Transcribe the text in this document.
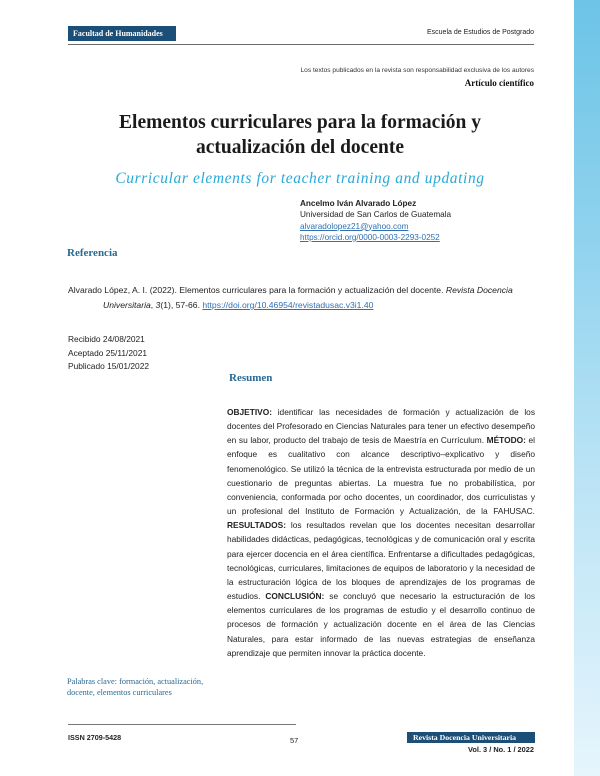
Facultad de Humanidades	Escuela de Estudios de Postgrado
Los textos publicados en la revista son responsabilidad exclusiva de los autores
Artículo científico
Elementos curriculares para la formación y actualización del docente
Curricular elements for teacher training and updating
Ancelmo Iván Alvarado López
Universidad de San Carlos de Guatemala
alvaradolopez21@yahoo.com
https://orcid.org/0000-0003-2293-0252
Referencia
Alvarado López, A. I. (2022). Elementos curriculares para la formación y actualización del docente. Revista Docencia Universitaria, 3(1), 57-66. https://doi.org/10.46954/revistadusac.v3i1.40
Recibido 24/08/2021
Aceptado 25/11/2021
Publicado 15/01/2022
Resumen

OBJETIVO: identificar las necesidades de formación y actualización de los docentes del Profesorado en Ciencias Naturales para tener un efectivo desempeño en su labor, producto del trabajo de tesis de Maestría en Currículum. MÉTODO: el enfoque es cualitativo con alcance descriptivo–explicativo y diseño fenomenológico. Se utilizó la técnica de la entrevista estructurada por medio de un cuestionario de preguntas abiertas. La muestra fue no probabilística, por conveniencia, conformada por ocho docentes, un coordinador, dos curriculistas y un profesional del Instituto de Formación y Actualización, de la FAHUSAC. RESULTADOS: los resultados revelan que los docentes necesitan desarrollar habilidades didácticas, pedagógicas, tecnológicas y de comunicación oral y escrita para ejercer docencia en el área científica. Enfrentarse a dificultades pedagógicas, tecnológicas, curriculares, limitaciones de equipos de laboratorio y la necesidad de la estructuración lógica de los bloques de aprendizajes de los programas de estudios. CONCLUSIÓN: se concluyó que necesario la estructuración de los elementos curriculares de los programas de estudio y el desarrollo continuo de procesos de formación y actualización docente en el área de las Ciencias Naturales, para estar informado de las nuevas estrategias de enseñanza aprendizaje que permiten innovar la práctica docente.

Palabras clave: formación, actualización, docente, elementos curriculares
ISSN 2709-5428	57	Revista Docencia Universitaria
Vol. 3 / No. 1 / 2022
